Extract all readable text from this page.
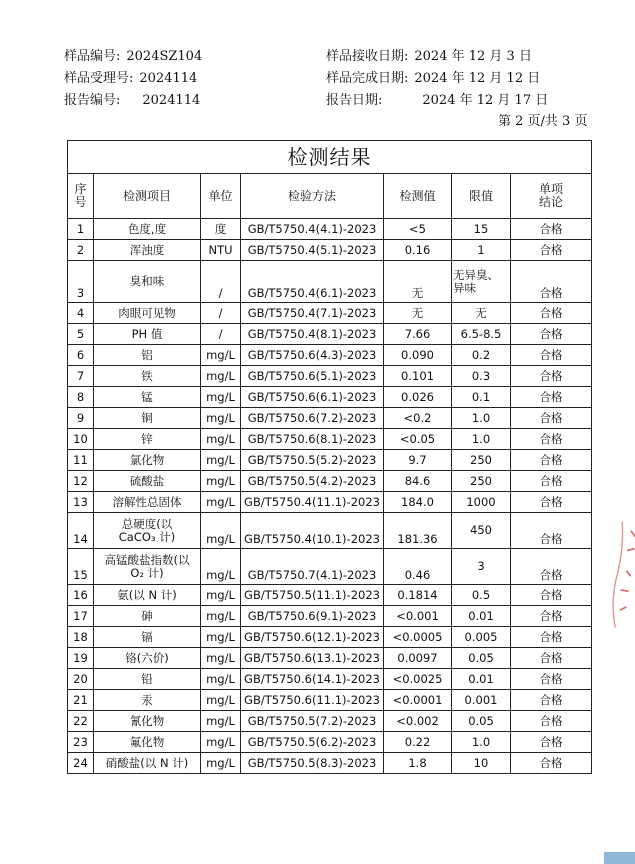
样品编号: 2024SZ104
样品受理号: 2024114
报告编号: 2024114
样品接收日期: 2024 年 12 月 3 日
样品完成日期: 2024 年 12 月 12 日
报告日期:	2024 年 12 月 17 日
第 2 页/共 3 页
检测结果						
序
号	检测项目	单位	检验方法	检测值	限值	单项
结论
1	色度,度	度	GB/T5750.4(4.1)-2023	<5	15	合格
2	浑浊度	NTU	GB/T5750.4(5.1)-2023	0.16	1	合格
3	臭和味	/	GB/T5750.4(6.1)-2023	无	无异臭、
异味	合格
4	肉眼可见物	/	GB/T5750.4(7.1)-2023	无	无	合格
5	PH 值	/	GB/T5750.4(8.1)-2023	7.66	6.5-8.5	合格
6	铝	mg/L	GB/T5750.6(4.3)-2023	0.090	0.2	合格
7	铁	mg/L	GB/T5750.6(5.1)-2023	0.101	0.3	合格
8	锰	mg/L	GB/T5750.6(6.1)-2023	0.026	0.1	合格
9	铜	mg/L	GB/T5750.6(7.2)-2023	<0.2	1.0	合格
10	锌	mg/L	GB/T5750.6(8.1)-2023	<0.05	1.0	合格
11	氯化物	mg/L	GB/T5750.5(5.2)-2023	9.7	250	合格
12	硫酸盐	mg/L	GB/T5750.5(4.2)-2023	84.6	250	合格
13	溶解性总固体	mg/L	GB/T5750.4(11.1)-2023	184.0	1000	合格
14	总硬度(以
CaCO₃ 计)	mg/L	GB/T5750.4(10.1)-2023	181.36	450	合格
15	高锰酸盐指数(以
O₂ 计)	mg/L	GB/T5750.7(4.1)-2023	0.46	3	合格
16	氨(以 N 计)	mg/L	GB/T5750.5(11.1)-2023	0.1814	0.5	合格
17	砷	mg/L	GB/T5750.6(9.1)-2023	<0.001	0.01	合格
18	镉	mg/L	GB/T5750.6(12.1)-2023	<0.0005	0.005	合格
19	铬(六价)	mg/L	GB/T5750.6(13.1)-2023	0.0097	0.05	合格
20	铅	mg/L	GB/T5750.6(14.1)-2023	<0.0025	0.01	合格
21	汞	mg/L	GB/T5750.6(11.1)-2023	<0.0001	0.001	合格
22	氰化物	mg/L	GB/T5750.5(7.2)-2023	<0.002	0.05	合格
23	氟化物	mg/L	GB/T5750.5(6.2)-2023	0.22	1.0	合格
24	硝酸盐(以 N 计)	mg/L	GB/T5750.5(8.3)-2023	1.8	10	合格
